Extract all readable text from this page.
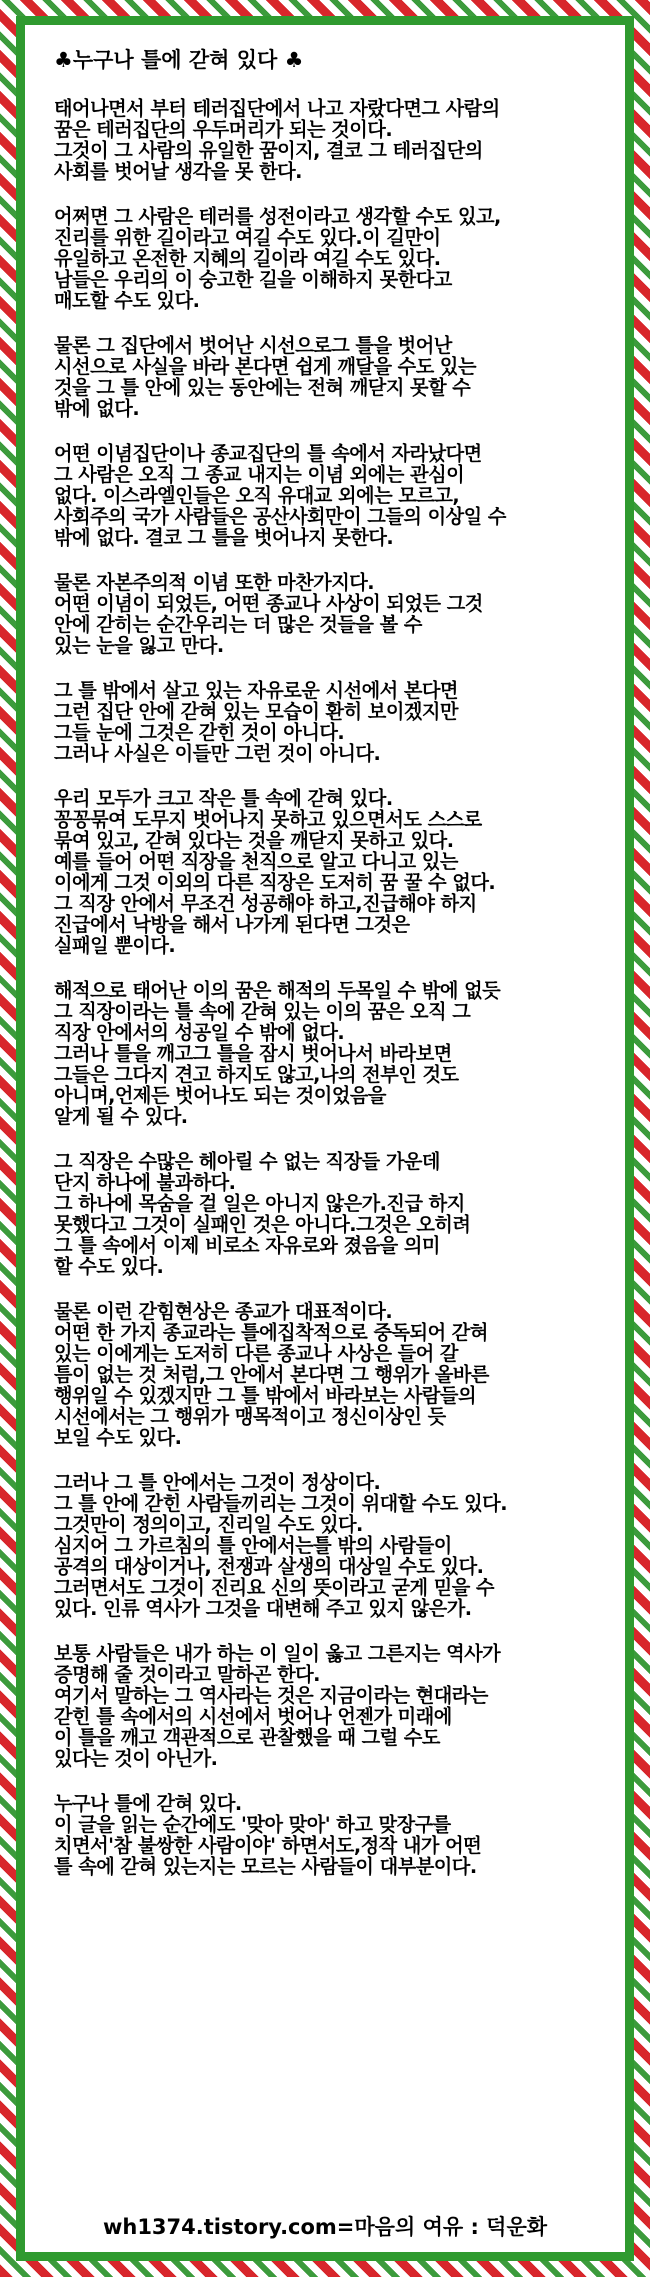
♣누구나 틀에 갇혀 있다 ♣
태어나면서 부터 테러집단에서 나고 자랐다면그 사람의
꿈은 테러집단의 우두머리가 되는 것이다.
그것이 그 사람의 유일한 꿈이지, 결코 그 테러집단의
사회를 벗어날 생각을 못 한다.
어쩌면 그 사람은 테러를 성전이라고 생각할 수도 있고,
진리를 위한 길이라고 여길 수도 있다.이 길만이
유일하고 온전한 지혜의 길이라 여길 수도 있다.
남들은 우리의 이 숭고한 길을 이해하지 못한다고
매도할 수도 있다.
물론 그 집단에서 벗어난 시선으로그 틀을 벗어난
시선으로 사실을 바라 본다면 쉽게 깨달을 수도 있는
것을 그 틀 안에 있는 동안에는 전혀 깨닫지 못할 수
밖에 없다.
어떤 이념집단이나 종교집단의 틀 속에서 자라났다면
그 사람은 오직 그 종교 내지는 이념 외에는 관심이
없다. 이스라엘인들은 오직 유대교 외에는 모르고,
사회주의 국가 사람들은 공산사회만이 그들의 이상일 수
밖에 없다. 결코 그 틀을 벗어나지 못한다.
물론 자본주의적 이념 또한 마찬가지다.
어떤 이념이 되었든, 어떤 종교나 사상이 되었든 그것
안에 갇히는 순간우리는 더 많은 것들을 볼 수
있는 눈을 잃고 만다.
그 틀 밖에서 살고 있는 자유로운 시선에서 본다면
그런 집단 안에 갇혀 있는 모습이 환히 보이겠지만
그들 눈에 그것은 갇힌 것이 아니다.
그러나 사실은 이들만 그런 것이 아니다.
우리 모두가 크고 작은 틀 속에 갇혀 있다.
꽁꽁묶여 도무지 벗어나지 못하고 있으면서도 스스로
묶여 있고, 갇혀 있다는 것을 깨닫지 못하고 있다.
예를 들어 어떤 직장을 천직으로 알고 다니고 있는
이에게 그것 이외의 다른 직장은 도저히 꿈 꿀 수 없다.
그 직장 안에서 무조건 성공해야 하고,진급해야 하지
진급에서 낙방을 해서 나가게 된다면 그것은
실패일 뿐이다.
해적으로 태어난 이의 꿈은 해적의 두목일 수 밖에 없듯
그 직장이라는 틀 속에 갇혀 있는 이의 꿈은 오직 그
직장 안에서의 성공일 수 밖에 없다.
그러나 틀을 깨고그 틀을 잠시 벗어나서 바라보면
그들은 그다지 견고 하지도 않고,나의 전부인 것도
아니며,언제든 벗어나도 되는 것이었음을
알게 될 수 있다.
그 직장은 수많은 헤아릴 수 없는 직장들 가운데
단지 하나에 불과하다.
그 하나에 목숨을 걸 일은 아니지 않은가.진급 하지
못했다고 그것이 실패인 것은 아니다.그것은 오히려
그 틀 속에서 이제 비로소 자유로와 졌음을 의미
할 수도 있다.
물론 이런 갇힘현상은 종교가 대표적이다.
어떤 한 가지 종교라는 틀에집착적으로 중독되어 갇혀
있는 이에게는 도저히 다른 종교나 사상은 들어 갈
틈이 없는 것 처럼,그 안에서 본다면 그 행위가 올바른
행위일 수 있겠지만 그 틀 밖에서 바라보는 사람들의
시선에서는 그 행위가 맹목적이고 정신이상인 듯
보일 수도 있다.
그러나 그 틀 안에서는 그것이 정상이다.
그 틀 안에 갇힌 사람들끼리는 그것이 위대할 수도 있다.
그것만이 정의이고, 진리일 수도 있다.
심지어 그 가르침의 틀 안에서는틀 밖의 사람들이
공격의 대상이거나, 전쟁과 살생의 대상일 수도 있다.
그러면서도 그것이 진리요 신의 뜻이라고 굳게 믿을 수
있다. 인류 역사가 그것을 대변해 주고 있지 않은가.
보통 사람들은 내가 하는 이 일이 옳고 그른지는 역사가
증명해 줄 것이라고 말하곤 한다.
여기서 말하는 그 역사라는 것은 지금이라는 현대라는
갇힌 틀 속에서의 시선에서 벗어나 언젠가 미래에
이 틀을 깨고 객관적으로 관찰했을 때 그럴 수도
있다는 것이 아닌가.
누구나 틀에 갇혀 있다.
이 글을 읽는 순간에도 '맞아 맞아' 하고 맞장구를
치면서'참 불쌍한 사람이야' 하면서도,정작 내가 어떤
틀 속에 갇혀 있는지는 모르는 사람들이 대부분이다.
wh1374.tistory.com=마음의 여유 : 덕운화
